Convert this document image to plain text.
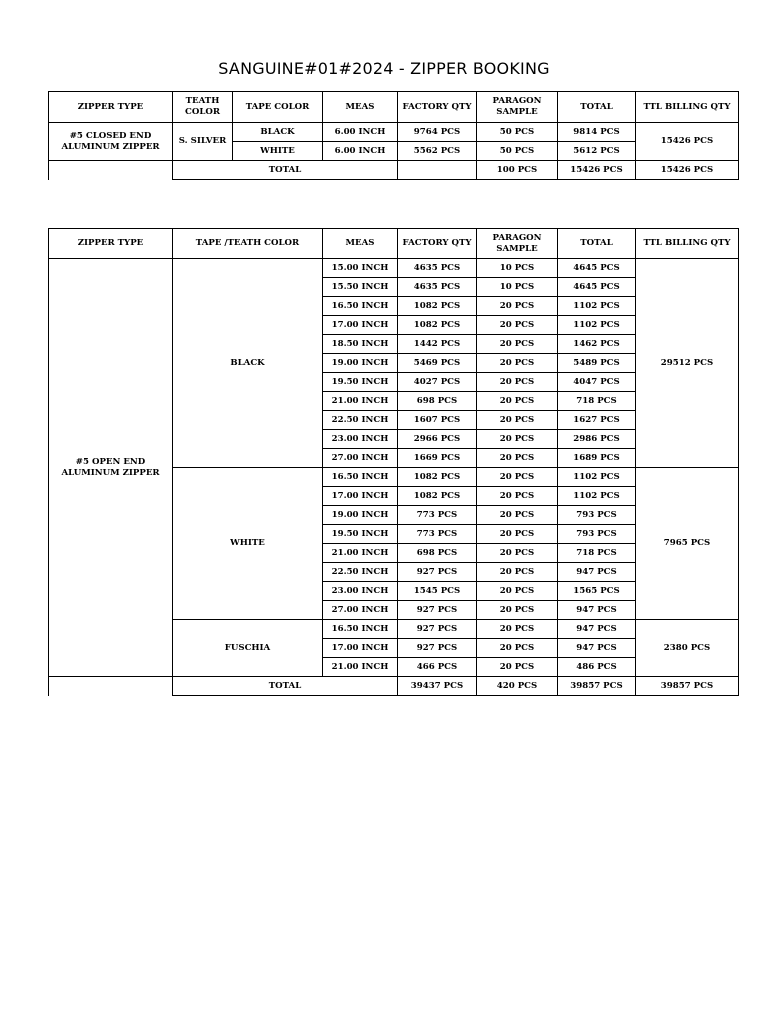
SANGUINE#01#2024 - ZIPPER BOOKING
ZIPPER TYPE	TEATH COLOR	TAPE COLOR	MEAS	FACTORY QTY	PARAGON SAMPLE	TOTAL	TTL BILLING QTY
#5 CLOSED END ALUMINUM ZIPPER	S. SILVER	BLACK	6.00 INCH	9764 PCS	50 PCS	9814 PCS	15426 PCS
		WHITE	6.00 INCH	5562 PCS	50 PCS	5612 PCS	
	TOTAL				100 PCS	15426 PCS	15426 PCS
ZIPPER TYPE	TAPE /TEATH COLOR	MEAS	FACTORY QTY	PARAGON SAMPLE	TOTAL	TTL BILLING QTY
#5 OPEN END ALUMINUM ZIPPER	BLACK	15.00 INCH	4635 PCS	10 PCS	4645 PCS	29512 PCS
		15.50 INCH	4635 PCS	10 PCS	4645 PCS	
		16.50 INCH	1082 PCS	20 PCS	1102 PCS	
		17.00 INCH	1082 PCS	20 PCS	1102 PCS	
		18.50 INCH	1442 PCS	20 PCS	1462 PCS	
		19.00 INCH	5469 PCS	20 PCS	5489 PCS	
		19.50 INCH	4027 PCS	20 PCS	4047 PCS	
		21.00 INCH	698 PCS	20 PCS	718 PCS	
		22.50 INCH	1607 PCS	20 PCS	1627 PCS	
		23.00 INCH	2966 PCS	20 PCS	2986 PCS	
		27.00 INCH	1669 PCS	20 PCS	1689 PCS	
	WHITE	16.50 INCH	1082 PCS	20 PCS	1102 PCS	7965 PCS
		17.00 INCH	1082 PCS	20 PCS	1102 PCS	
		19.00 INCH	773 PCS	20 PCS	793 PCS	
		19.50 INCH	773 PCS	20 PCS	793 PCS	
		21.00 INCH	698 PCS	20 PCS	718 PCS	
		22.50 INCH	927 PCS	20 PCS	947 PCS	
		23.00 INCH	1545 PCS	20 PCS	1565 PCS	
		27.00 INCH	927 PCS	20 PCS	947 PCS	
	FUSCHIA	16.50 INCH	927 PCS	20 PCS	947 PCS	2380 PCS
		17.00 INCH	927 PCS	20 PCS	947 PCS	
		21.00 INCH	466 PCS	20 PCS	486 PCS	
	TOTAL		39437 PCS	420 PCS	39857 PCS	39857 PCS
